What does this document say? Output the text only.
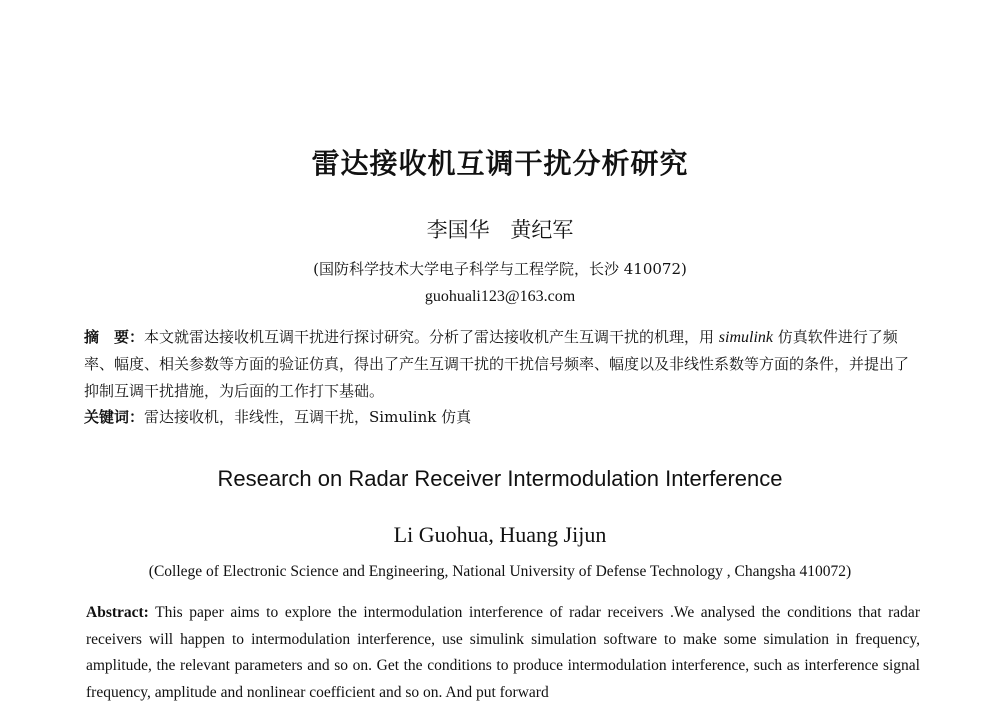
雷达接收机互调干扰分析研究
李国华 黄纪军
(国防科学技术大学电子科学与工程学院，长沙 410072)
guohuali123@163.com
摘　要：本文就雷达接收机互调干扰进行探讨研究。分析了雷达接收机产生互调干扰的机理，用 simulink 仿真软件进行了频率、幅度、相关参数等方面的验证仿真，得出了产生互调干扰的干扰信号频率、幅度以及非线性系数等方面的条件，并提出了抑制互调干扰措施，为后面的工作打下基础。
关键词：雷达接收机，非线性，互调干扰，Simulink 仿真
Research on Radar Receiver Intermodulation Interference
Li Guohua, Huang Jijun
(College of Electronic Science and Engineering, National University of Defense Technology , Changsha 410072)
Abstract: This paper aims to explore the intermodulation interference of radar receivers .We analysed the conditions that radar receivers will happen to intermodulation interference, use simulink simulation software to make some simulation in frequency, amplitude, the relevant parameters and so on. Get the conditions to produce intermodulation interference, such as interference signal frequency, amplitude and nonlinear coefficient and so on. And put forward
